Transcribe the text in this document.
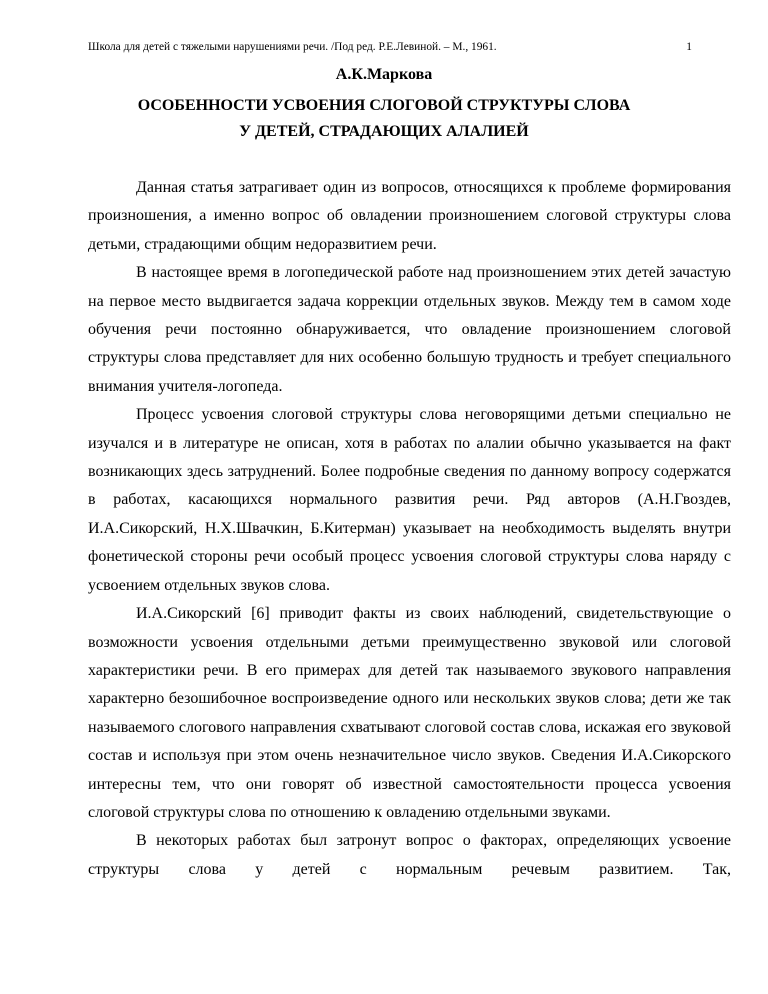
Школа для детей с тяжелыми нарушениями речи. /Под ред. Р.Е.Левиной. – М., 1961.	1
А.К.Маркова
ОСОБЕННОСТИ УСВОЕНИЯ СЛОГОВОЙ СТРУКТУРЫ СЛОВА
У ДЕТЕЙ, СТРАДАЮЩИХ АЛАЛИЕЙ

Данная статья затрагивает один из вопросов, относящихся к проблеме формирования произношения, а именно вопрос об овладении произношением слоговой структуры слова детьми, страдающими общим недоразвитием речи.

В настоящее время в логопедической работе над произношением этих детей зачастую на первое место выдвигается задача коррекции отдельных звуков. Между тем в самом ходе обучения речи постоянно обнаруживается, что овладение произношением слоговой структуры слова представляет для них особенно большую трудность и требует специального внимания учителя-логопеда.

Процесс усвоения слоговой структуры слова неговорящими детьми специально не изучался и в литературе не описан, хотя в работах по алалии обычно указывается на факт возникающих здесь затруднений. Более подробные сведения по данному вопросу содержатся в работах, касающихся нормального развития речи. Ряд авторов (А.Н.Гвоздев, И.А.Сикорский, Н.Х.Швачкин, Б.Китерман) указывает на необходимость выделять внутри фонетической стороны речи особый процесс усвоения слоговой структуры слова наряду с усвоением отдельных звуков слова.

И.А.Сикорский [6] приводит факты из своих наблюдений, свидетельствующие о возможности усвоения отдельными детьми преимущественно звуковой или слоговой характеристики речи. В его примерах для детей так называемого звукового направления характерно безошибочное воспроизведение одного или нескольких звуков слова; дети же так называемого слогового направления схватывают слоговой состав слова, искажая его звуковой состав и используя при этом очень незначительное число звуков. Сведения И.А.Сикорского интересны тем, что они говорят об известной самостоятельности процесса усвоения слоговой структуры слова по отношению к овладению отдельными звуками.

В некоторых работах был затронут вопрос о факторах, определяющих усвоение структуры слова у детей с нормальным речевым развитием. Так,
